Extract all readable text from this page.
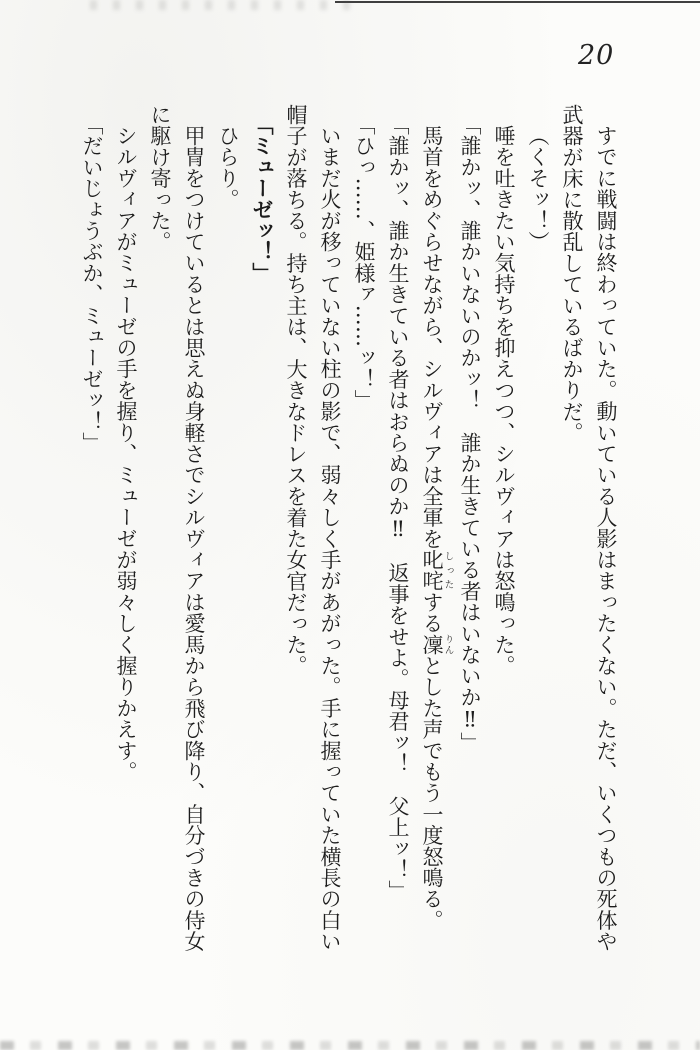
20

すでに戦闘は終わっていた。動いている人影はまったくない。ただ、いくつもの死体や

武器が床に散乱しているばかりだ。

（くそッ！）

唾を吐きたい気持ちを抑えつつ、シルヴィアは怒鳴った。

「誰かッ、誰かいないのかッ！　誰か生きている者はいないか‼」

馬首をめぐらせながら、シルヴィアは全軍を叱咤しったする凜りんとした声でもう一度怒鳴る。

「誰かッ、誰か生きている者はおらぬのか‼　返事をせよ。母君ッ！　父上ッ！」

「ひっ……、姫様ァ……ッ！」

いまだ火が移っていない柱の影で、弱々しく手があがった。手に握っていた横長の白い

帽子が落ちる。持ち主は、大きなドレスを着た女官だった。

「ミューゼッ！」

ひらり。

甲冑をつけているとは思えぬ身軽さでシルヴィアは愛馬から飛び降り、自分づきの侍女

に駆け寄った。

シルヴィアがミューゼの手を握り、ミューゼが弱々しく握りかえす。

「だいじょうぶか、ミューゼッ！」
